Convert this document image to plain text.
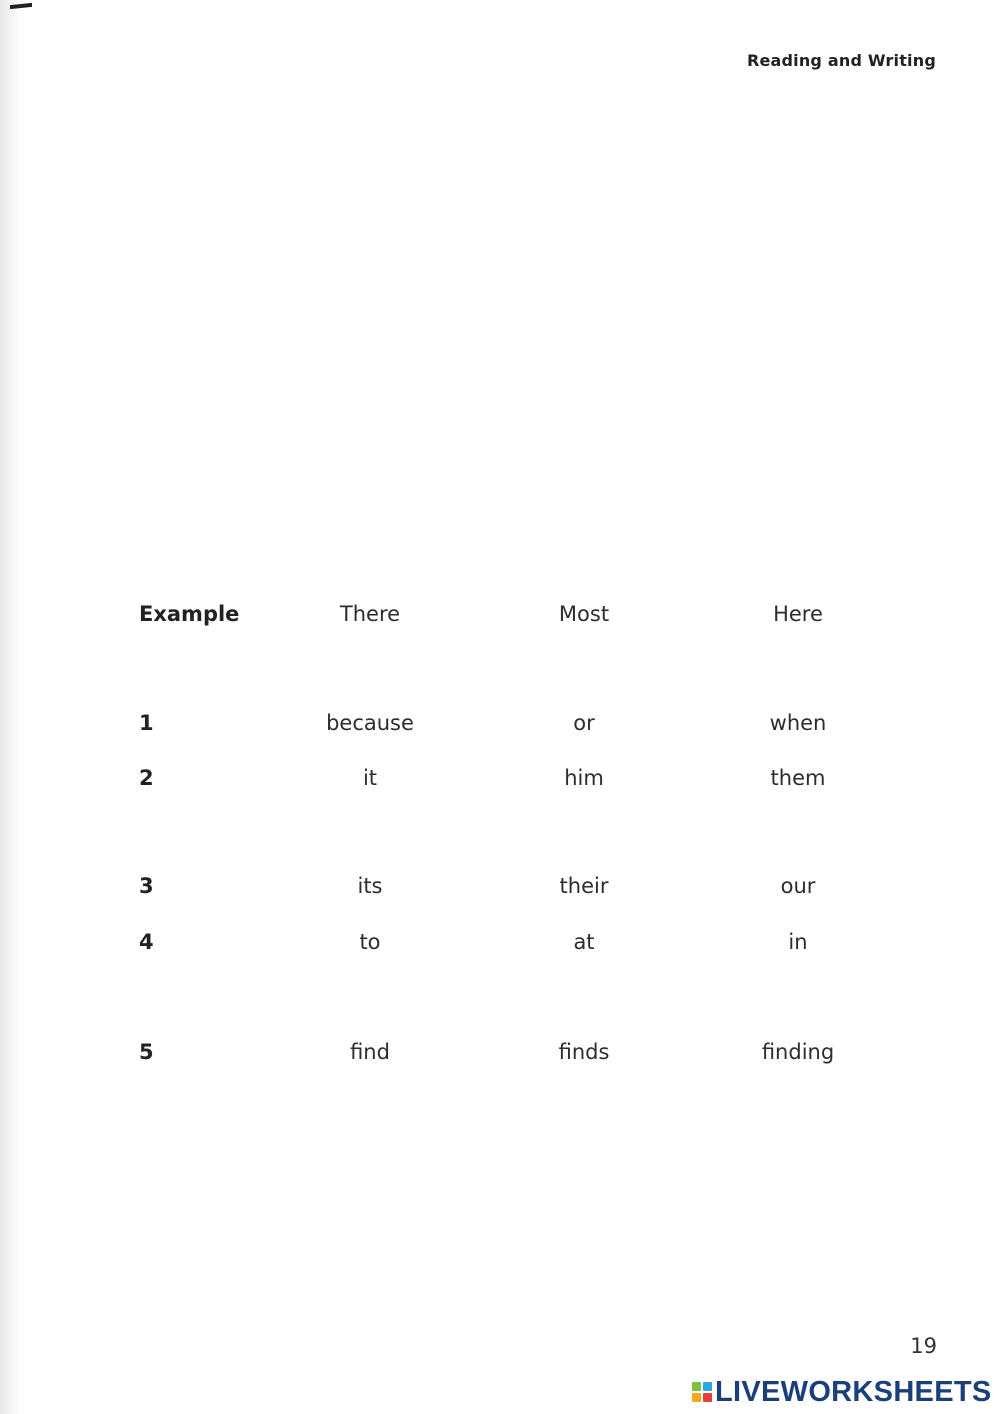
Reading and Writing
Example	There	Most	Here
1	because	or	when
2	it	him	them
3	its	their	our
4	to	at	in
5	find	finds	finding
19
LIVEWORKSHEETS
